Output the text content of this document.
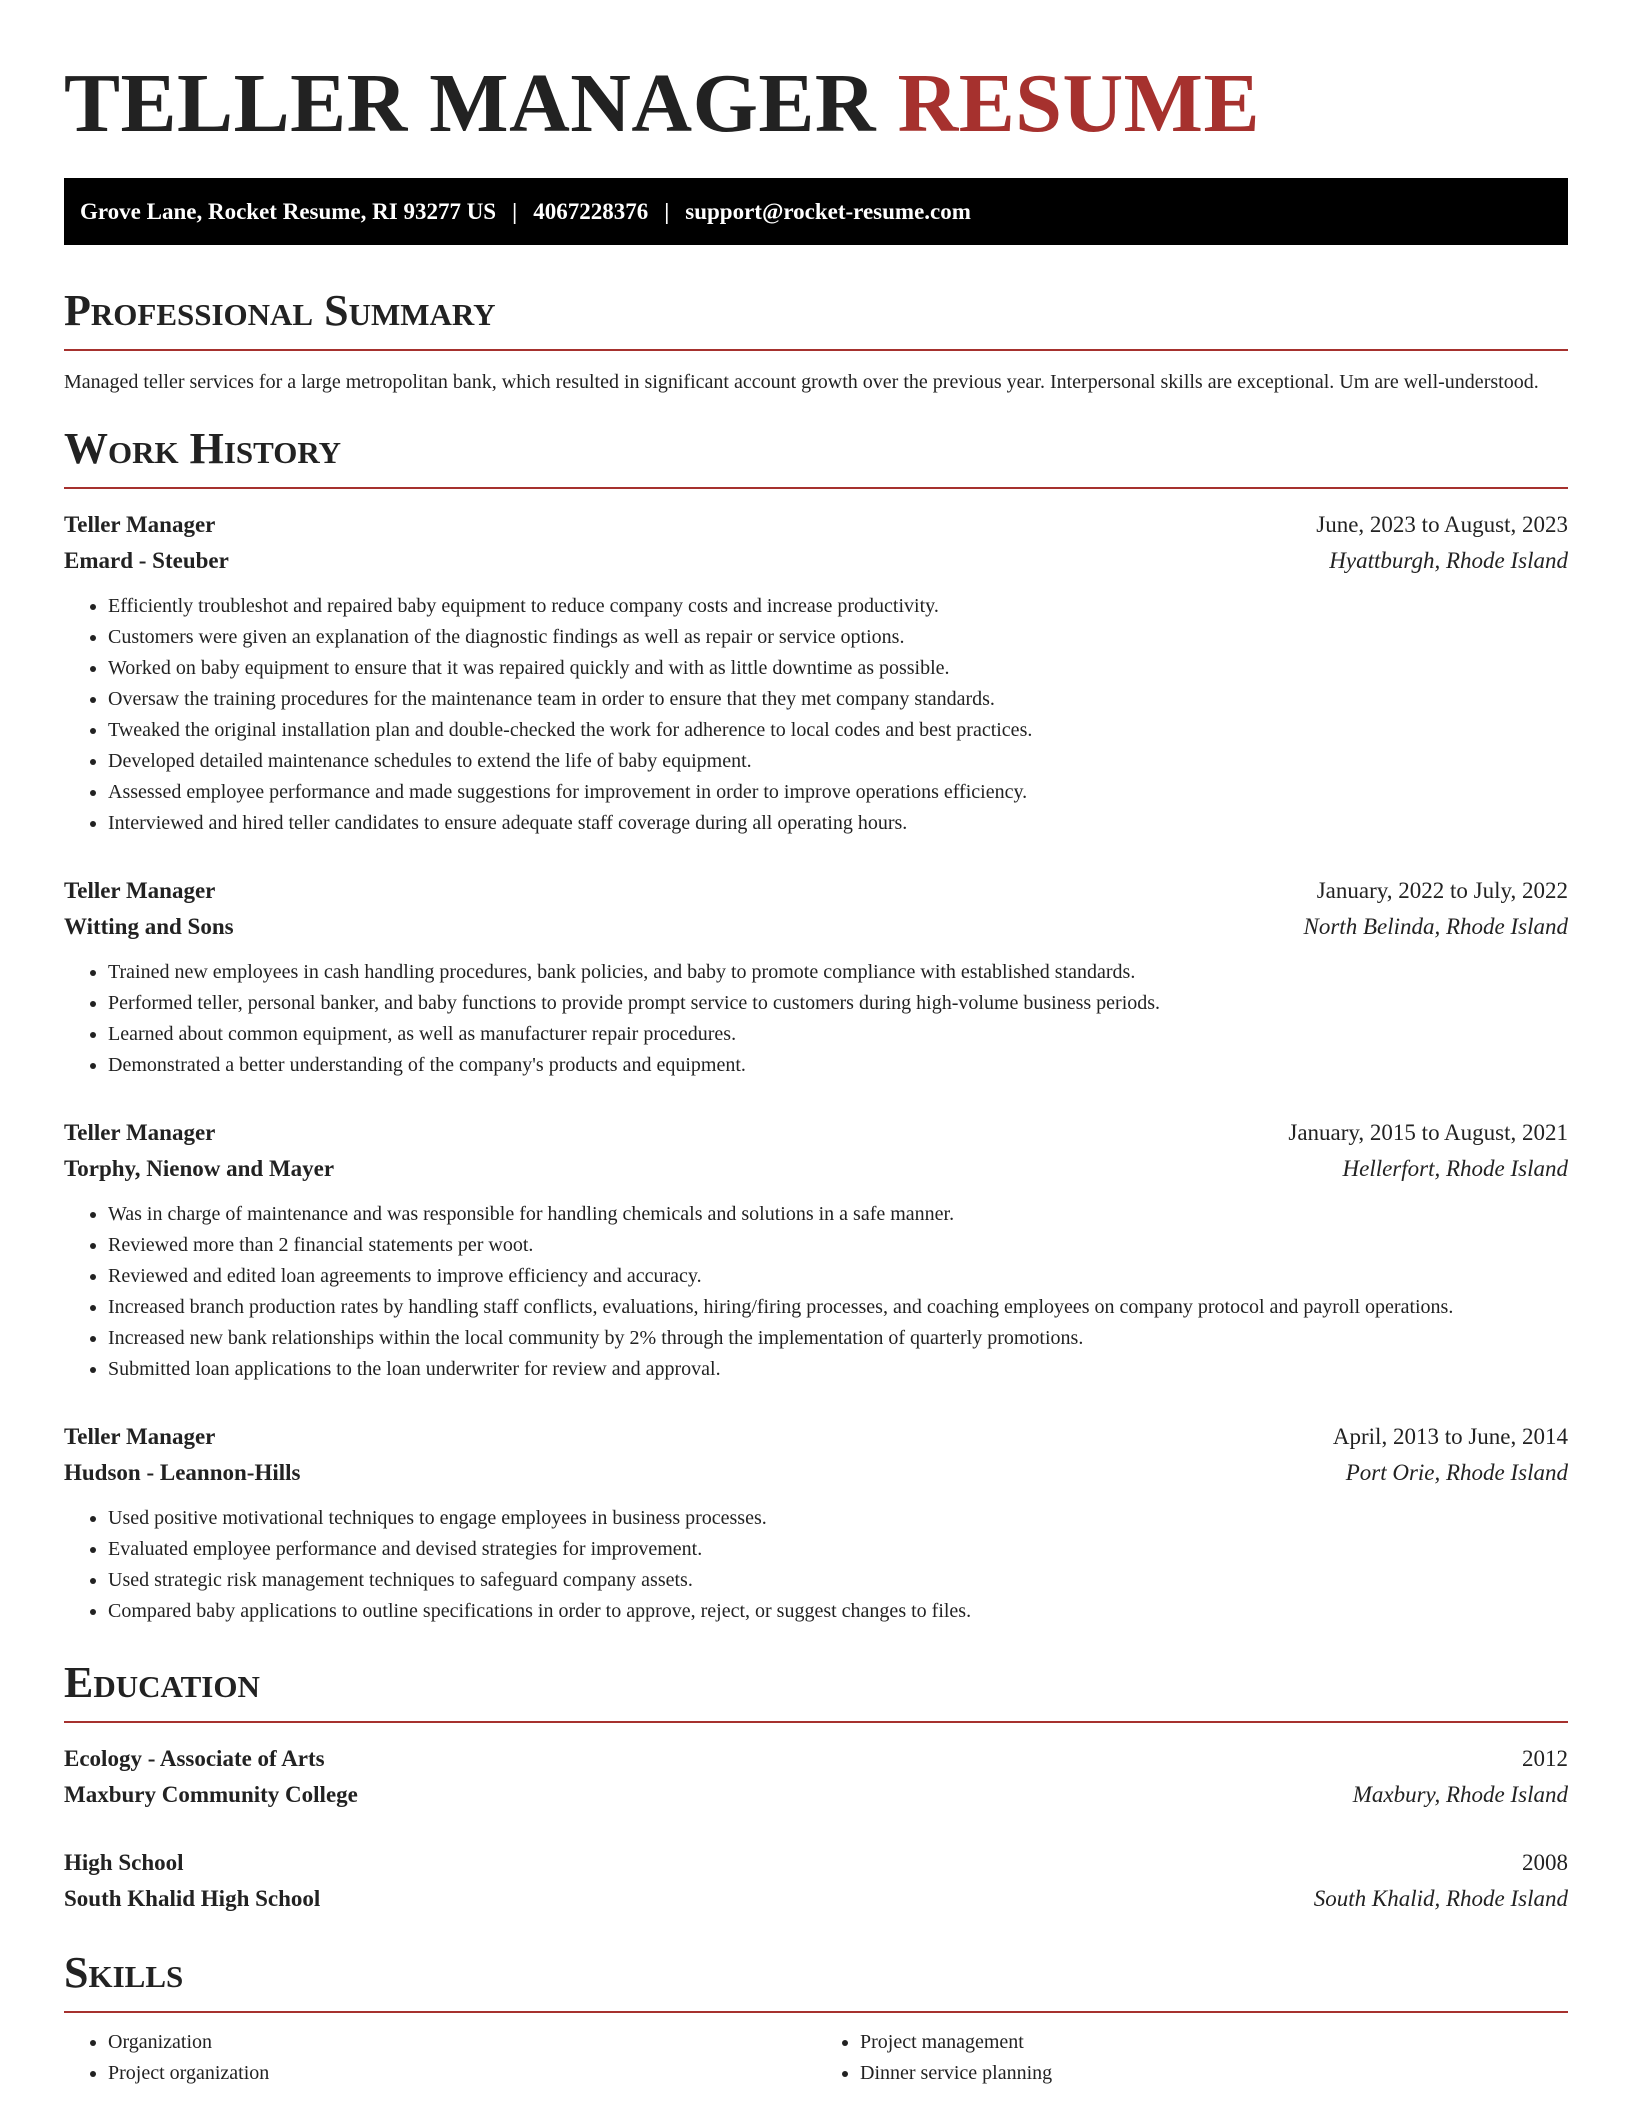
TELLER MANAGER RESUME
Grove Lane, Rocket Resume, RI 93277 US | 4067228376 | support@rocket-resume.com
Professional Summary

Managed teller services for a large metropolitan bank, which resulted in significant account growth over the previous year. Interpersonal skills are exceptional. Um are well-understood.

Work History
Teller Manager	June, 2023 to August, 2023
Emard - Steuber	Hyattburgh, Rhode Island
• Efficiently troubleshot and repaired baby equipment to reduce company costs and increase productivity.
• Customers were given an explanation of the diagnostic findings as well as repair or service options.
• Worked on baby equipment to ensure that it was repaired quickly and with as little downtime as possible.
• Oversaw the training procedures for the maintenance team in order to ensure that they met company standards.
• Tweaked the original installation plan and double-checked the work for adherence to local codes and best practices.
• Developed detailed maintenance schedules to extend the life of baby equipment.
• Assessed employee performance and made suggestions for improvement in order to improve operations efficiency.
• Interviewed and hired teller candidates to ensure adequate staff coverage during all operating hours.
Teller Manager	January, 2022 to July, 2022
Witting and Sons	North Belinda, Rhode Island
• Trained new employees in cash handling procedures, bank policies, and baby to promote compliance with established standards.
• Performed teller, personal banker, and baby functions to provide prompt service to customers during high-volume business periods.
• Learned about common equipment, as well as manufacturer repair procedures.
• Demonstrated a better understanding of the company's products and equipment.
Teller Manager	January, 2015 to August, 2021
Torphy, Nienow and Mayer	Hellerfort, Rhode Island
• Was in charge of maintenance and was responsible for handling chemicals and solutions in a safe manner.
• Reviewed more than 2 financial statements per woot.
• Reviewed and edited loan agreements to improve efficiency and accuracy.
• Increased branch production rates by handling staff conflicts, evaluations, hiring/firing processes, and coaching employees on company protocol and payroll operations.
• Increased new bank relationships within the local community by 2% through the implementation of quarterly promotions.
• Submitted loan applications to the loan underwriter for review and approval.
Teller Manager	April, 2013 to June, 2014
Hudson - Leannon-Hills	Port Orie, Rhode Island
• Used positive motivational techniques to engage employees in business processes.
• Evaluated employee performance and devised strategies for improvement.
• Used strategic risk management techniques to safeguard company assets.
• Compared baby applications to outline specifications in order to approve, reject, or suggest changes to files.
Education
Ecology - Associate of Arts	2012
Maxbury Community College	Maxbury, Rhode Island
High School	2008
South Khalid High School	South Khalid, Rhode Island
Skills
• Organization
• Project organization
• Project management
• Dinner service planning
